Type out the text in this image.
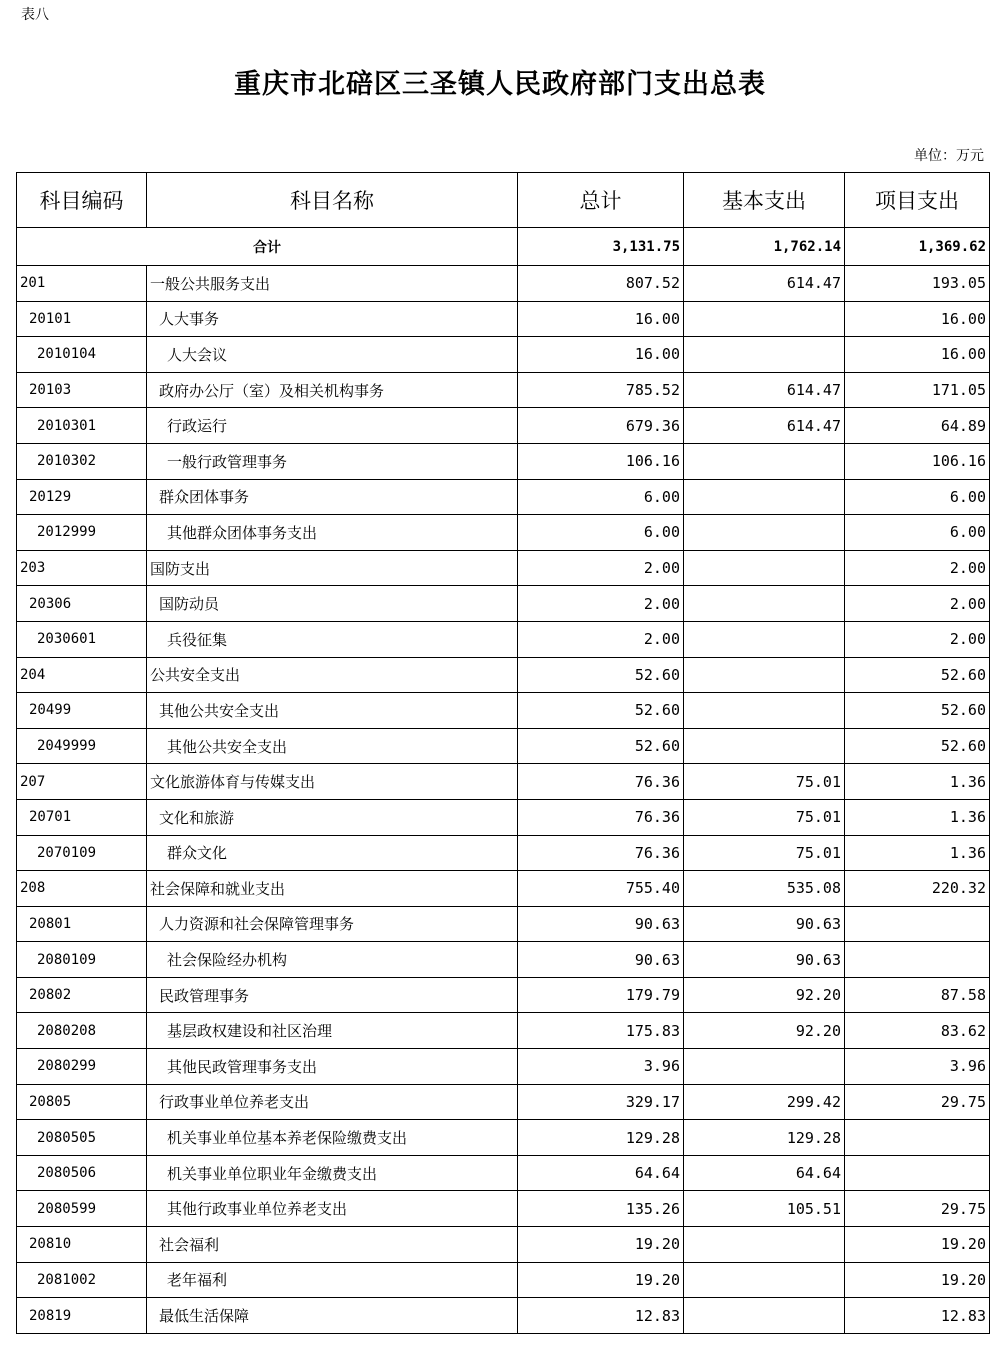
表八
重庆市北碚区三圣镇人民政府部门支出总表
单位：万元
科目编码	科目名称	总计	基本支出	项目支出
合计		3,131.75	1,762.14	1,369.62
201	一般公共服务支出	807.52	614.47	193.05
20101	人大事务	16.00		16.00
2010104	人大会议	16.00		16.00
20103	政府办公厅（室）及相关机构事务	785.52	614.47	171.05
2010301	行政运行	679.36	614.47	64.89
2010302	一般行政管理事务	106.16		106.16
20129	群众团体事务	6.00		6.00
2012999	其他群众团体事务支出	6.00		6.00
203	国防支出	2.00		2.00
20306	国防动员	2.00		2.00
2030601	兵役征集	2.00		2.00
204	公共安全支出	52.60		52.60
20499	其他公共安全支出	52.60		52.60
2049999	其他公共安全支出	52.60		52.60
207	文化旅游体育与传媒支出	76.36	75.01	1.36
20701	文化和旅游	76.36	75.01	1.36
2070109	群众文化	76.36	75.01	1.36
208	社会保障和就业支出	755.40	535.08	220.32
20801	人力资源和社会保障管理事务	90.63	90.63	
2080109	社会保险经办机构	90.63	90.63	
20802	民政管理事务	179.79	92.20	87.58
2080208	基层政权建设和社区治理	175.83	92.20	83.62
2080299	其他民政管理事务支出	3.96		3.96
20805	行政事业单位养老支出	329.17	299.42	29.75
2080505	机关事业单位基本养老保险缴费支出	129.28	129.28	
2080506	机关事业单位职业年金缴费支出	64.64	64.64	
2080599	其他行政事业单位养老支出	135.26	105.51	29.75
20810	社会福利	19.20		19.20
2081002	老年福利	19.20		19.20
20819	最低生活保障	12.83		12.83
